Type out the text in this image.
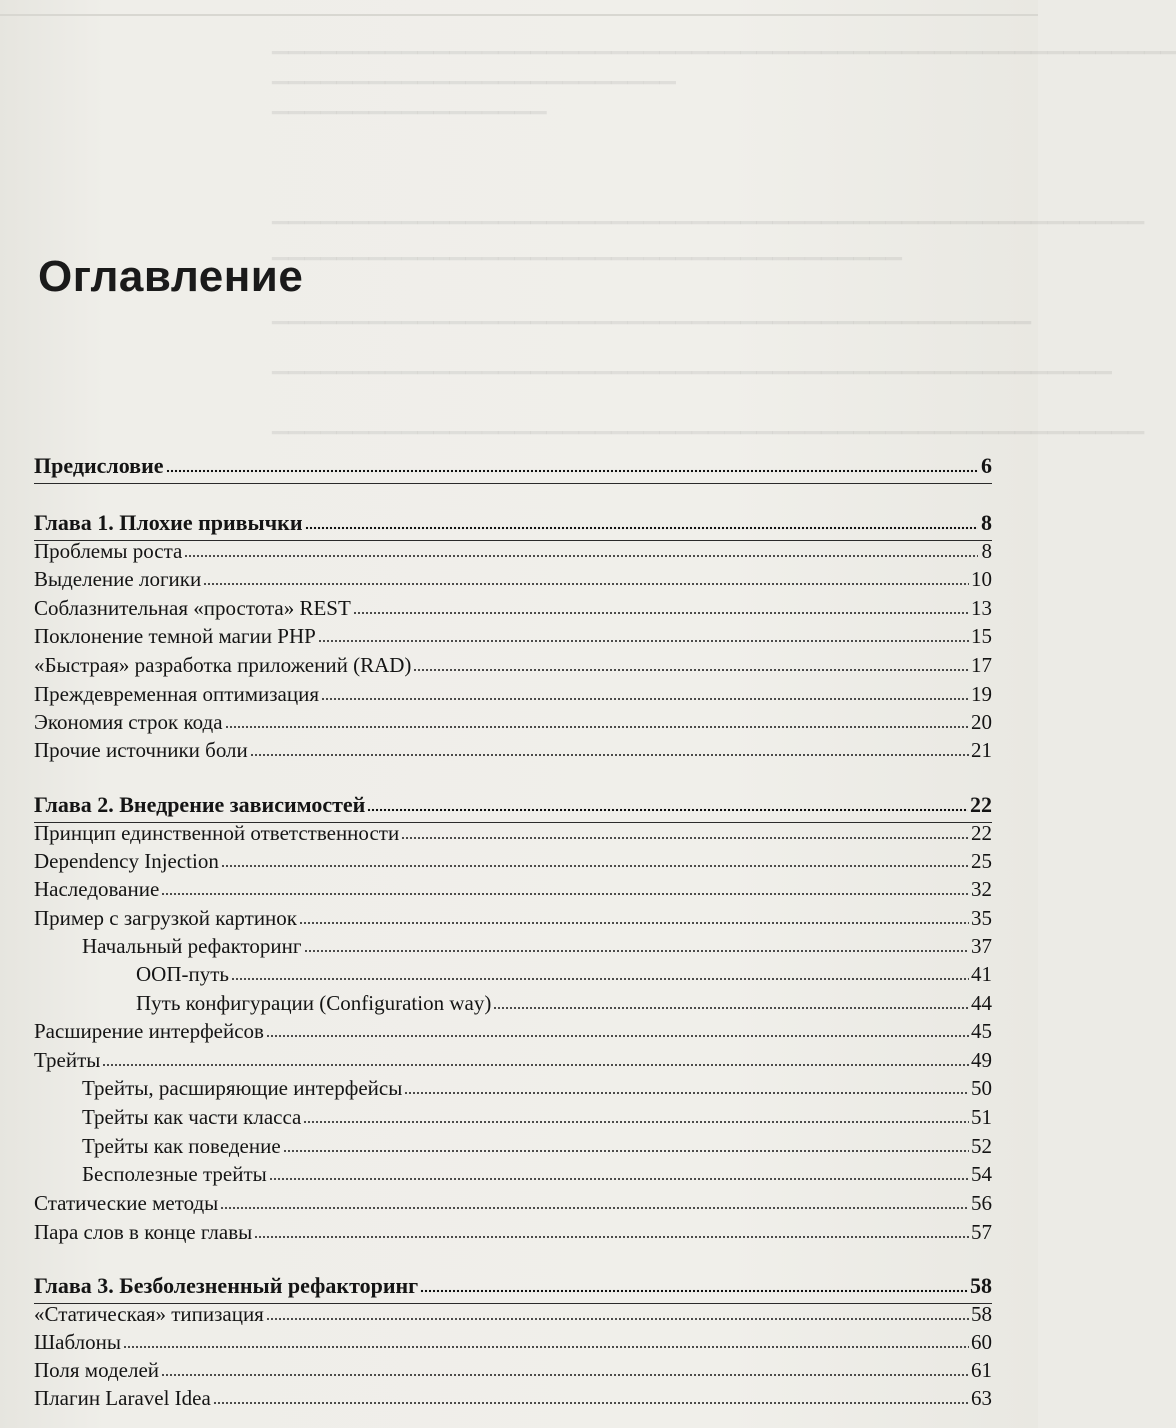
▁▁▁▁▁▁▁▁▁▁▁▁▁▁▁▁▁▁▁▁▁▁▁▁▁▁▁▁▁▁▁▁▁▁▁▁▁▁▁▁▁▁▁▁▁▁▁▁▁▁▁▁▁▁▁▁
▁▁▁▁▁▁▁▁▁▁▁▁▁▁▁▁▁▁▁▁▁▁▁▁▁
▁▁▁▁▁▁▁▁▁▁▁▁▁▁▁▁▁
▁▁▁▁▁▁▁▁▁▁▁▁▁▁▁▁▁▁▁▁▁▁▁▁▁▁▁▁▁▁▁▁▁▁▁▁▁▁▁▁▁▁▁▁▁▁▁▁▁▁▁▁▁▁
▁▁▁▁▁▁▁▁▁▁▁▁▁▁▁▁▁▁▁▁▁▁▁▁▁▁▁▁▁▁▁▁▁▁▁▁▁▁▁
▁▁▁▁▁▁▁▁▁▁▁▁▁▁▁▁▁▁▁▁▁▁▁▁▁▁▁▁▁▁▁▁▁▁▁▁▁▁▁▁▁▁▁▁▁▁▁
▁▁▁▁▁▁▁▁▁▁▁▁▁▁▁▁▁▁▁▁▁▁▁▁▁▁▁▁▁▁▁▁▁▁▁▁▁▁▁▁▁▁▁▁▁▁▁▁▁▁▁▁
▁▁▁▁▁▁▁▁▁▁▁▁▁▁▁▁▁▁▁▁▁▁▁▁▁▁▁▁▁▁▁▁▁▁▁▁▁▁▁▁▁▁▁▁▁▁▁▁▁▁▁▁▁▁
Оглавление
Предисловие	6
Глава 1. Плохие привычки	8
Проблемы роста	8
Выделение логики	10
Соблазнительная «простота» REST	13
Поклонение темной магии PHP	15
«Быстрая» разработка приложений (RAD)	17
Преждевременная оптимизация	19
Экономия строк кода	20
Прочие источники боли	21
Глава 2. Внедрение зависимостей	22
Принцип единственной ответственности	22
Dependency Injection	25
Наследование	32
Пример с загрузкой картинок	35
Начальный рефакторинг	37
ООП-путь	41
Путь конфигурации (Configuration way)	44
Расширение интерфейсов	45
Трейты	49
Трейты, расширяющие интерфейсы	50
Трейты как части класса	51
Трейты как поведение	52
Бесполезные трейты	54
Статические методы	56
Пара слов в конце главы	57
Глава 3. Безболезненный рефакторинг	58
«Статическая» типизация	58
Шаблоны	60
Поля моделей	61
Плагин Laravel Idea	63
